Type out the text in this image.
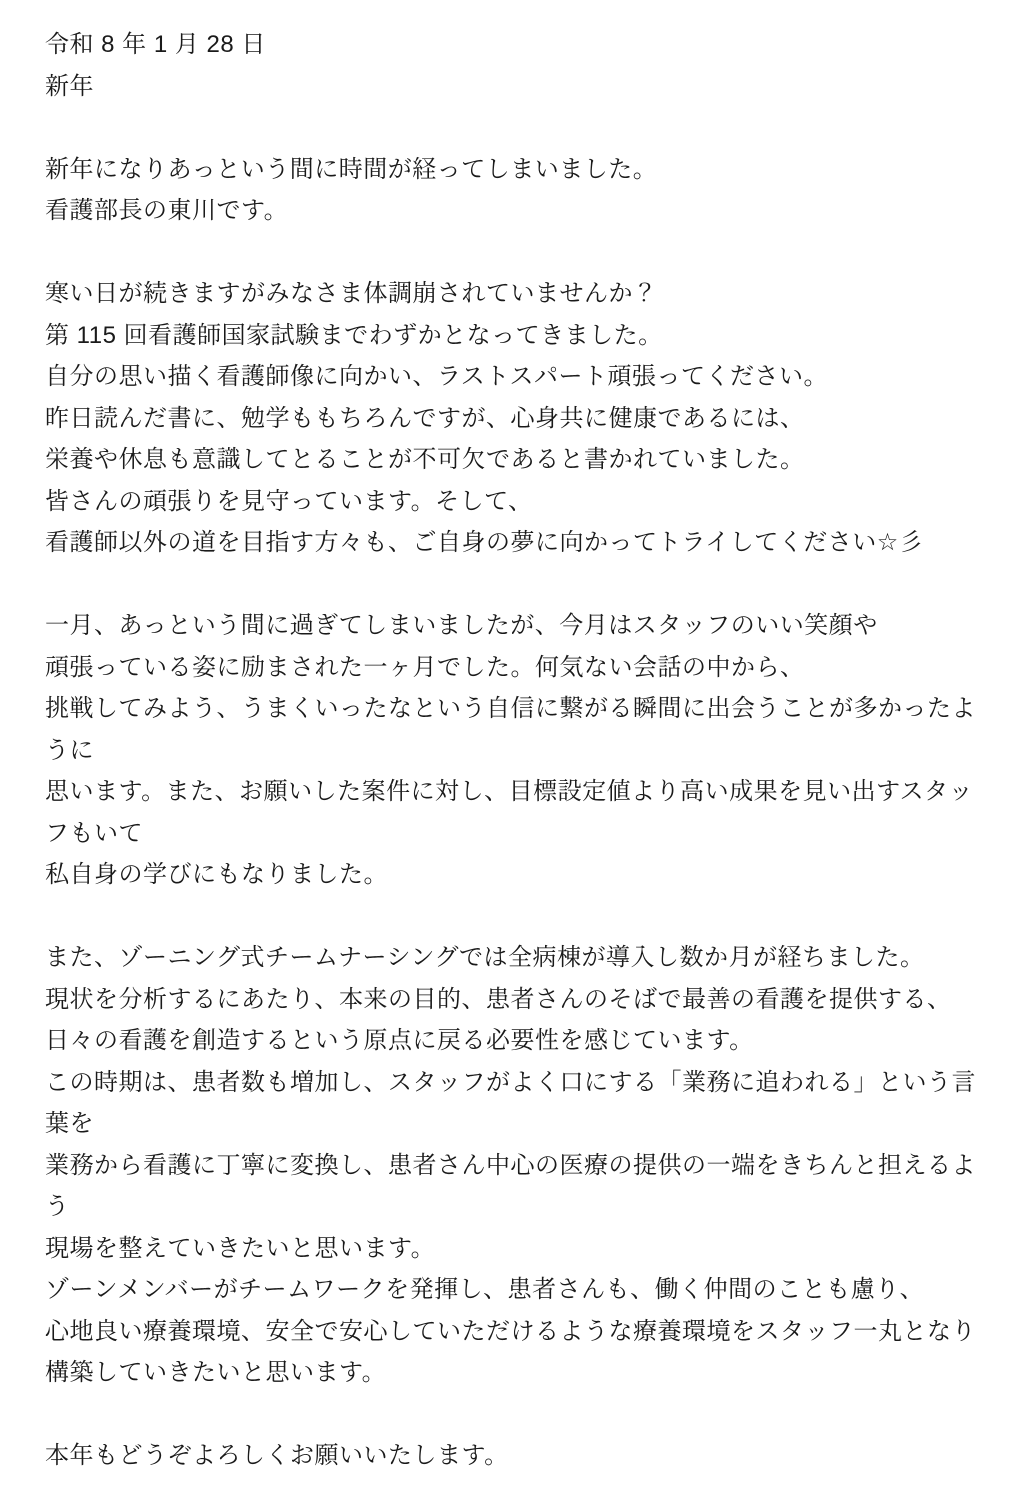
令和 8 年 1 月 28 日
新年
新年になりあっという間に時間が経ってしまいました。
看護部長の東川です。
寒い日が続きますがみなさま体調崩されていませんか？
第 115 回看護師国家試験までわずかとなってきました。
自分の思い描く看護師像に向かい、ラストスパート頑張ってください。
昨日読んだ書に、勉学ももちろんですが、心身共に健康であるには、
栄養や休息も意識してとることが不可欠であると書かれていました。
皆さんの頑張りを見守っています。そして、
看護師以外の道を目指す方々も、ご自身の夢に向かってトライしてください☆彡
一月、あっという間に過ぎてしまいましたが、今月はスタッフのいい笑顔や
頑張っている姿に励まされた一ヶ月でした。何気ない会話の中から、
挑戦してみよう、うまくいったなという自信に繋がる瞬間に出会うことが多かったように
思います。また、お願いした案件に対し、目標設定値より高い成果を見い出すスタッフもいて
私自身の学びにもなりました。
また、ゾーニング式チームナーシングでは全病棟が導入し数か月が経ちました。
現状を分析するにあたり、本来の目的、患者さんのそばで最善の看護を提供する、
日々の看護を創造するという原点に戻る必要性を感じています。
この時期は、患者数も増加し、スタッフがよく口にする「業務に追われる」という言葉を
業務から看護に丁寧に変換し、患者さん中心の医療の提供の一端をきちんと担えるよう
現場を整えていきたいと思います。
ゾーンメンバーがチームワークを発揮し、患者さんも、働く仲間のことも慮り、
心地良い療養環境、安全で安心していただけるような療養環境をスタッフ一丸となり
構築していきたいと思います。
本年もどうぞよろしくお願いいたします。
